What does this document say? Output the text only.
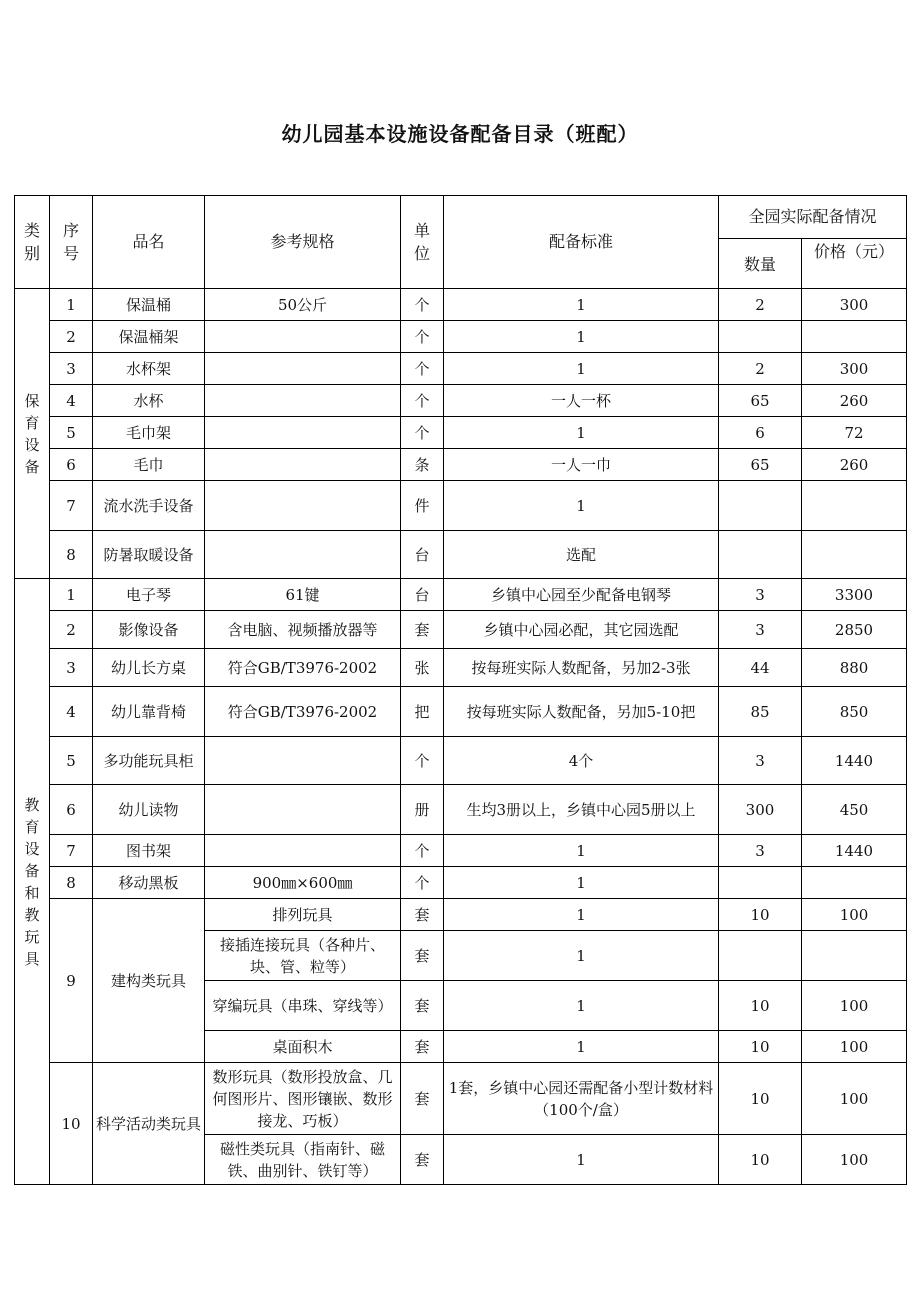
幼儿园基本设施设备配备目录（班配）
类别	序号	品名	参考规格	单位	配备标准	全园实际配备情况	
						数量	价格（元）
保育设备	1	保温桶	50公斤	个	1	2	300
	2	保温桶架		个	1		
	3	水杯架		个	1	2	300
	4	水杯		个	一人一杯	65	260
	5	毛巾架		个	1	6	72
	6	毛巾		条	一人一巾	65	260
	7	流水洗手设备		件	1		
	8	防暑取暖设备		台	选配		
教育设备和教玩具	1	电子琴	61键	台	乡镇中心园至少配备电钢琴	3	3300
	2	影像设备	含电脑、视频播放器等	套	乡镇中心园必配，其它园选配	3	2850
	3	幼儿长方桌	符合GB/T3976-2002	张	按每班实际人数配备，另加2-3张	44	880
	4	幼儿靠背椅	符合GB/T3976-2002	把	按每班实际人数配备，另加5-10把	85	850
	5	多功能玩具柜		个	4个	3	1440
	6	幼儿读物		册	生均3册以上，乡镇中心园5册以上	300	450
	7	图书架		个	1	3	1440
	8	移动黑板	900㎜×600㎜	个	1		
	9	建构类玩具	排列玩具	套	1	10	100
			接插连接玩具（各种片、块、管、粒等）	套	1		
			穿编玩具（串珠、穿线等）	套	1	10	100
			桌面积木	套	1	10	100
	10	科学活动类玩具	数形玩具（数形投放盒、几何图形片、图形镶嵌、数形接龙、巧板）	套	1套，乡镇中心园还需配备小型计数材料（100个/盒）	10	100
			磁性类玩具（指南针、磁铁、曲别针、铁钉等）	套	1	10	100
